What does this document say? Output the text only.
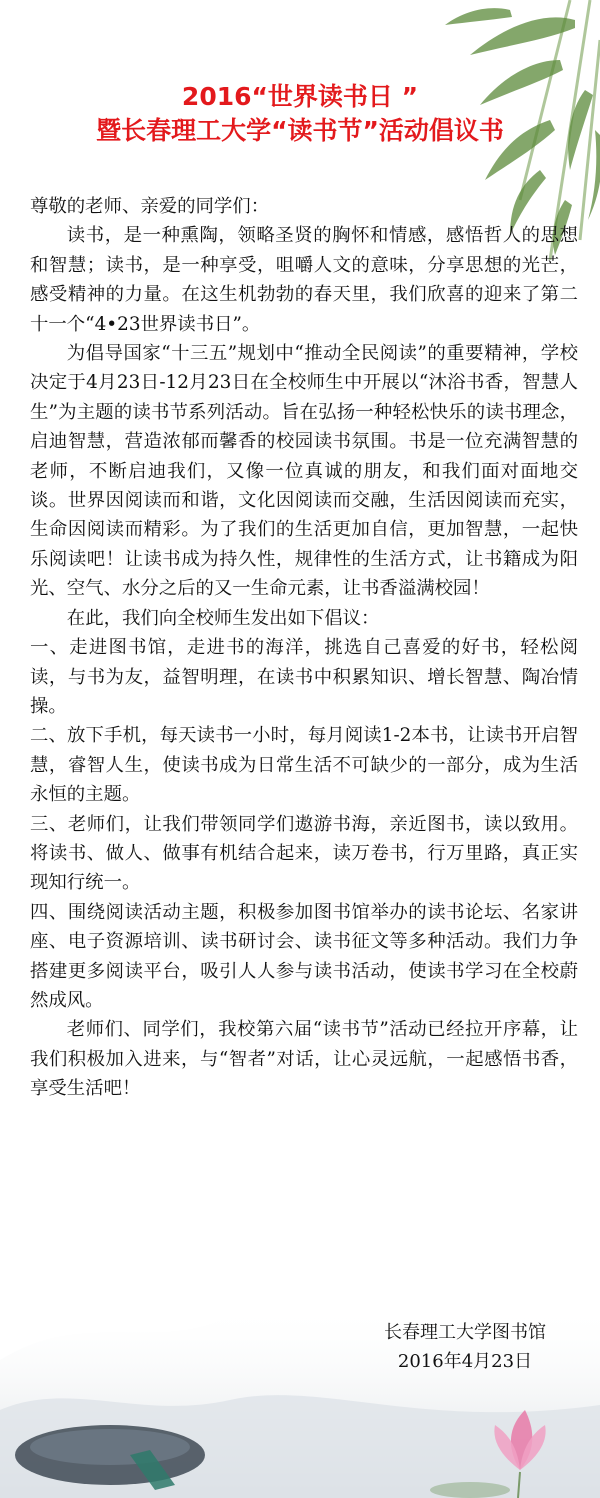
2016“世界读书日 ”
暨长春理工大学“读书节”活动倡议书

尊敬的老师、亲爱的同学们：

读书，是一种熏陶，领略圣贤的胸怀和情感，感悟哲人的思想和智慧；读书，是一种享受，咀嚼人文的意味，分享思想的光芒，感受精神的力量。在这生机勃勃的春天里，我们欣喜的迎来了第二十一个“4•23世界读书日”。

为倡导国家“十三五”规划中“推动全民阅读”的重要精神，学校决定于4月23日-12月23日在全校师生中开展以“沐浴书香，智慧人生”为主题的读书节系列活动。旨在弘扬一种轻松快乐的读书理念，启迪智慧，营造浓郁而馨香的校园读书氛围。书是一位充满智慧的老师，不断启迪我们，又像一位真诚的朋友，和我们面对面地交谈。世界因阅读而和谐，文化因阅读而交融，生活因阅读而充实，生命因阅读而精彩。为了我们的生活更加自信，更加智慧，一起快乐阅读吧！让读书成为持久性，规律性的生活方式，让书籍成为阳光、空气、水分之后的又一生命元素，让书香溢满校园！

在此，我们向全校师生发出如下倡议：

一、走进图书馆，走进书的海洋，挑选自己喜爱的好书，轻松阅读，与书为友，益智明理，在读书中积累知识、增长智慧、陶冶情操。

二、放下手机，每天读书一小时，每月阅读1-2本书，让读书开启智慧，睿智人生，使读书成为日常生活不可缺少的一部分，成为生活永恒的主题。

三、老师们，让我们带领同学们遨游书海，亲近图书，读以致用。将读书、做人、做事有机结合起来，读万卷书，行万里路，真正实现知行统一。

四、围绕阅读活动主题，积极参加图书馆举办的读书论坛、名家讲座、电子资源培训、读书研讨会、读书征文等多种活动。我们力争搭建更多阅读平台，吸引人人参与读书活动，使读书学习在全校蔚然成风。

老师们、同学们，我校第六届“读书节”活动已经拉开序幕，让我们积极加入进来，与“智者”对话，让心灵远航，一起感悟书香，享受生活吧！

长春理工大学图书馆
2016年4月23日
